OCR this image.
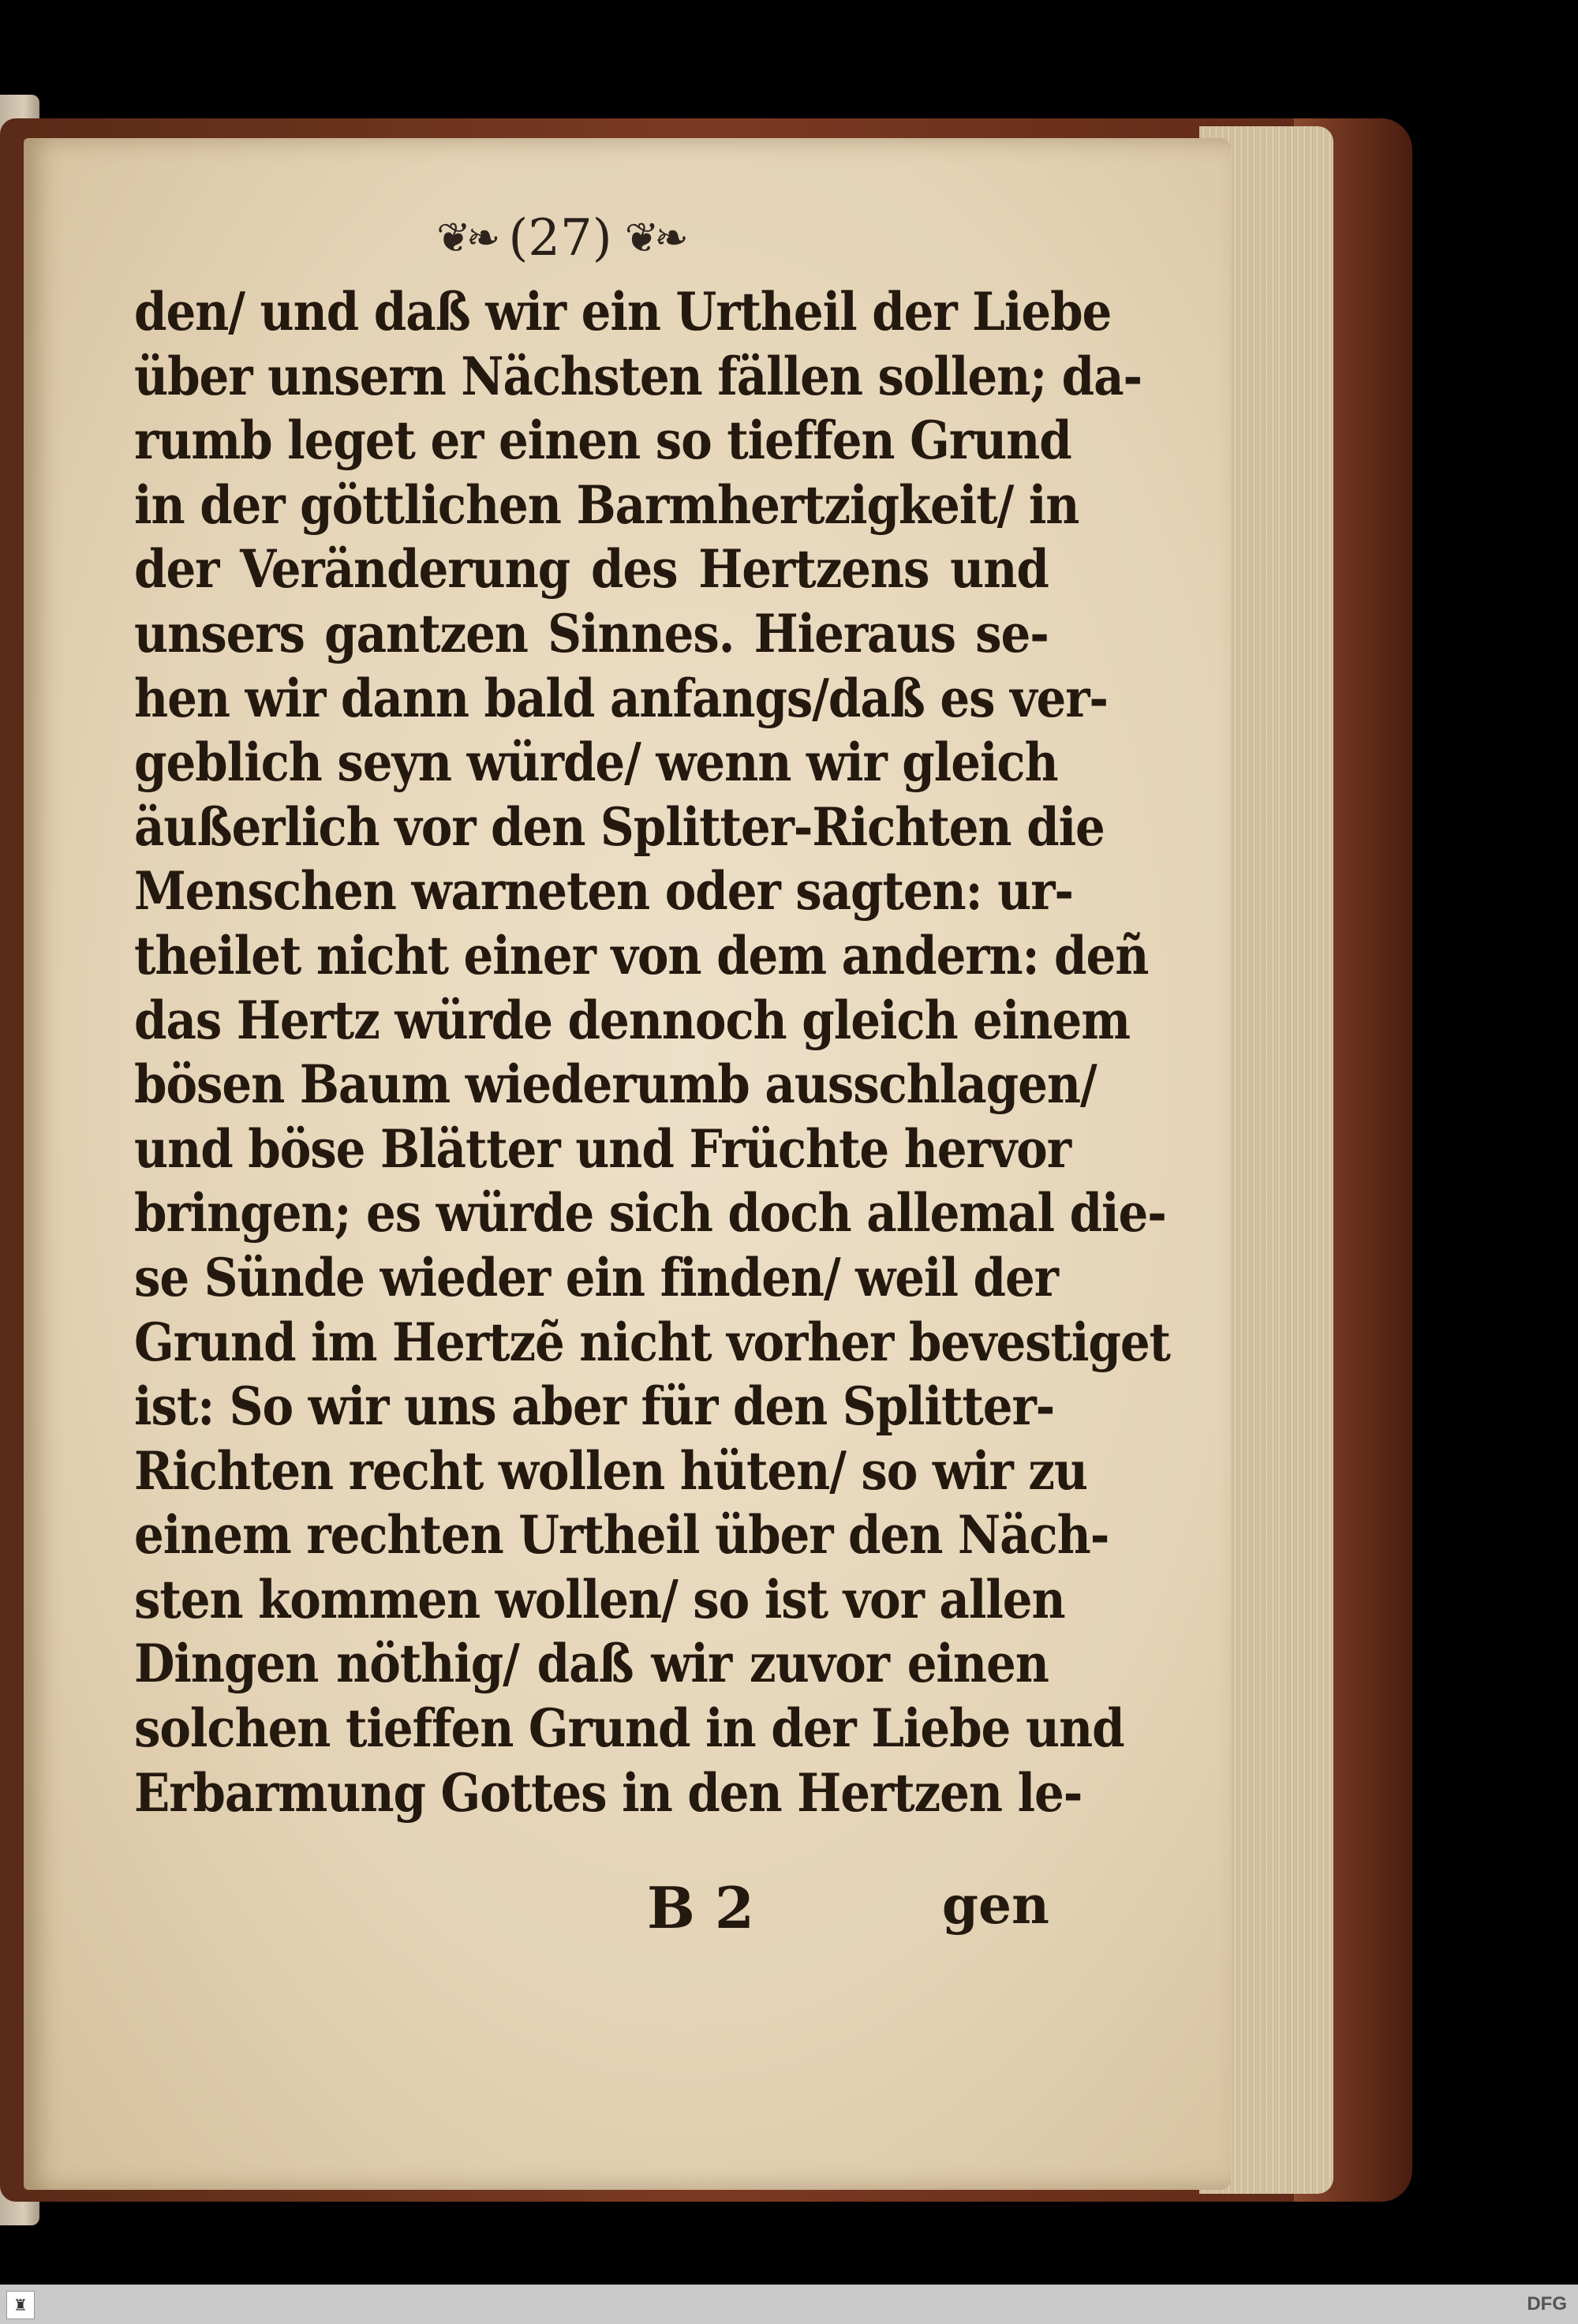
❦❧ (27) ❦❧
den/ und daß wir ein Urtheil der Liebe
über unsern Nächsten fällen sollen; da-
rumb leget er einen so tieffen Grund
in der göttlichen Barmhertzigkeit/ in
der Veränderung des Hertzens und
unsers gantzen Sinnes. Hieraus se-
hen wir dann bald anfangs/daß es ver-
geblich seyn würde/ wenn wir gleich
äußerlich vor den Splitter-Richten die
Menschen warneten oder sagten: ur-
theilet nicht einer von dem andern: deñ
das Hertz würde dennoch gleich einem
bösen Baum wiederumb ausschlagen/
und böse Blätter und Früchte hervor
bringen; es würde sich doch allemal die-
se Sünde wieder ein finden/ weil der
Grund im Hertzẽ nicht vorher bevestiget
ist: So wir uns aber für den Splitter-
Richten recht wollen hüten/ so wir zu
einem rechten Urtheil über den Näch-
sten kommen wollen/ so ist vor allen
Dingen nöthig/ daß wir zuvor einen
solchen tieffen Grund in der Liebe und
Erbarmung Gottes in den Hertzen le-
B 2	gen
♜	DFG
